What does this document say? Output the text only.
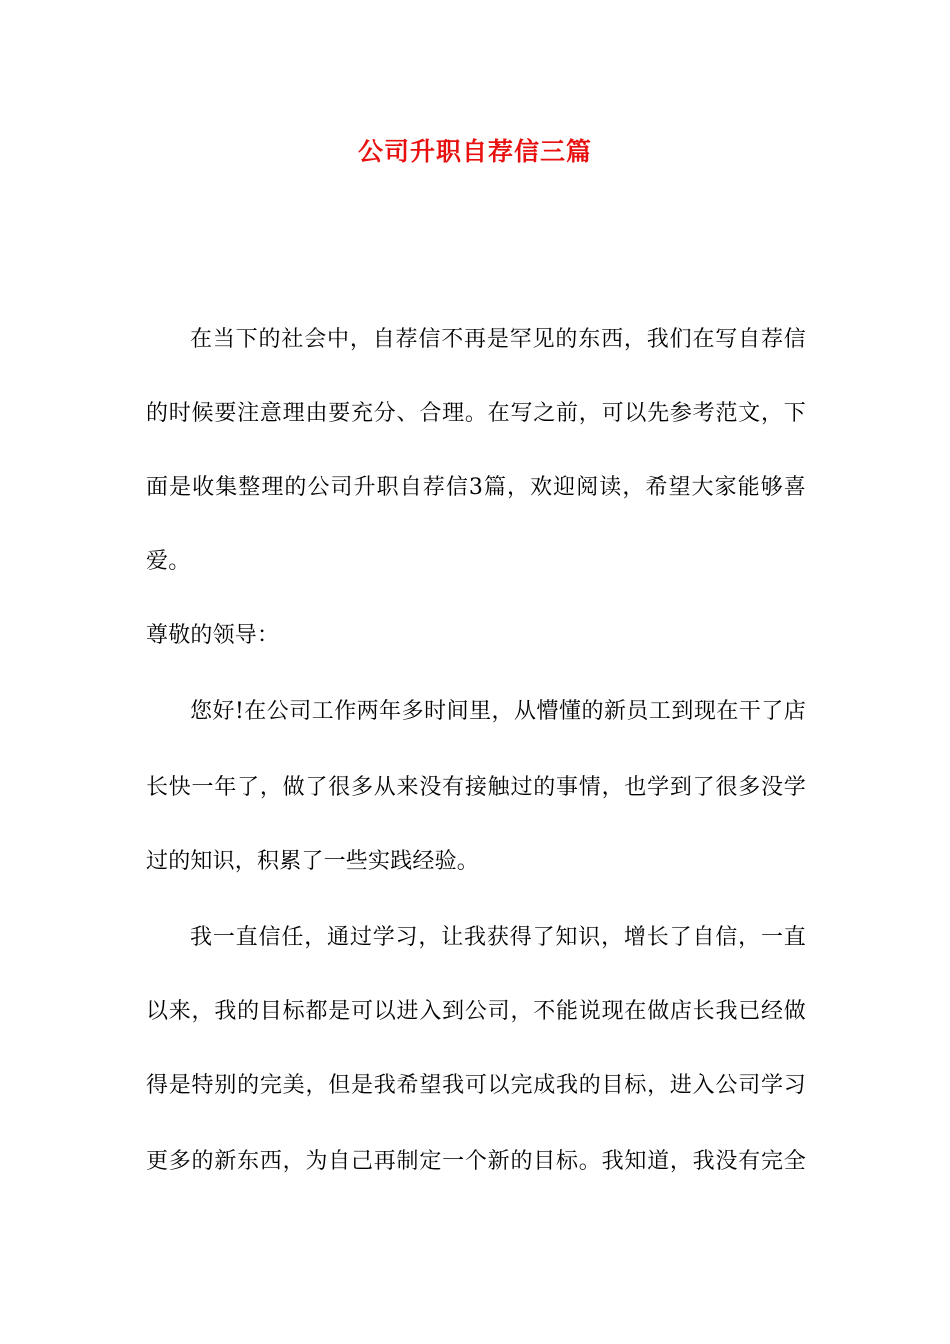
公司升职自荐信三篇
在当下的社会中，自荐信不再是罕见的东西，我们在写自荐信
的时候要注意理由要充分、合理。在写之前，可以先参考范文，下
面是收集整理的公司升职自荐信3篇，欢迎阅读，希望大家能够喜
爱。
尊敬的领导：
您好!在公司工作两年多时间里，从懵懂的新员工到现在干了店
长快一年了，做了很多从来没有接触过的事情，也学到了很多没学
过的知识，积累了一些实践经验。
我一直信任，通过学习，让我获得了知识，增长了自信，一直
以来，我的目标都是可以进入到公司，不能说现在做店长我已经做
得是特别的完美，但是我希望我可以完成我的目标，进入公司学习
更多的新东西，为自己再制定一个新的目标。我知道，我没有完全
